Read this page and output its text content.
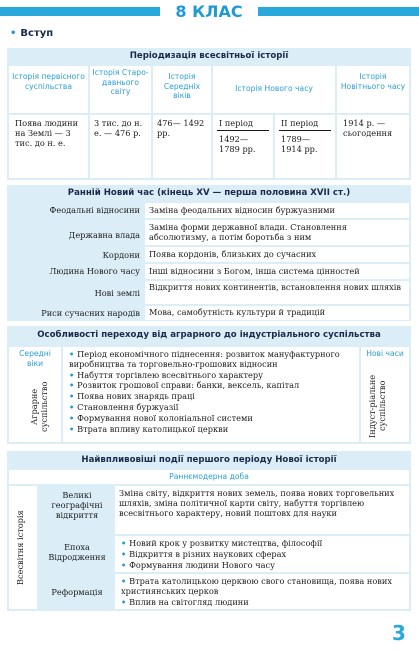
8 КЛАС
• Вступ
Періодизація всесвітньої історії
Історія первісного суспільства
Історія Старо-давнього світу
Історія Середніх віків
Історія Нового часу
Історія Новітнього часу
Поява людини на Землі — 3 тис. до н. е.
3 тис. до н. е. — 476 р.
476— 1492 рр.
I період
1492— 1789 рр.
II період
1789— 1914 рр.
1914 р. — сьогодення
Ранній Новий час (кінець XV — перша половина XVII ст.)
Феодальні відносини Заміна феодальних відносин буржуазними
Державна влада
Заміна форми державної влади. Становлення абсолютизму, а потім боротьба з ним
Кордони Поява кордонів, близьких до сучасних
Людина Нового часу Інші відносини з Богом, інша система цінностей
Нові землі
Відкриття нових континентів, встановлення нових шляхів
Риси сучасних народів Мова, самобутність культури й традицій
Особливості переходу від аграрного до індустріального суспільства
Середні віки
Аграрне суспільство
• Період економічного піднесення: розвиток мануфактурного виробництва та торговельно-грошових відносин
• Набуття торгівлею всесвітнього характеру
• Розвиток грошової справи: банки, вексель, капітал
• Поява нових знарядь праці
• Становлення буржуазії
• Формування нової колоніальної системи
• Втрата впливу католицької церкви
Нові часи
Індуст-ріальне суспільство
Найвпливовіші події першого періоду Нової історії
Раннємодерна доба
Всесвітня історія
Великі географічні відкриття
Зміна світу, відкриття нових земель, поява нових торговельних шляхів, зміна політичної карти світу, набуття торгівлею всесвітнього характеру, новий поштовх для науки
Епоха Відродження
• Новий крок у розвитку мистецтва, філософії
• Відкриття в різних наукових сферах
• Формування людини Нового часу
Реформація
• Втрата католицькою церквою свого становища, поява нових християнських церков
• Вплив на світогляд людини
3
